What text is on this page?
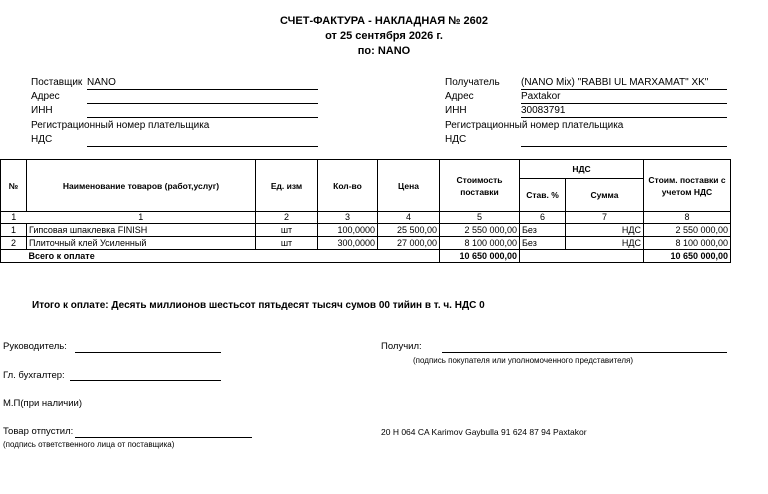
СЧЕТ-ФАКТУРА - НАКЛАДНАЯ № 2602
от 25 сентября 2026 г.
по: NANO
Поставщик NANO
Адрес
ИНН
Регистрационный номер плательщика
НДС
Получатель (NANO Mix) "RABBI UL MARXAMAT" XK"
Адрес	Paxtakor
ИНН	30083791
Регистрационный номер плательщика
НДС
№	Наименование товаров (работ,услуг)	Ед. изм	Кол-во	Цена	Стоимость поставки	НДС		Стоим. поставки с учетом НДС
						Став. %	Сумма	
1	1	2	3	4	5	6	7	8
1	Гипсовая шпаклевка FINISH	шт	100,0000	25 500,00	2 550 000,00	Без	НДС	2 550 000,00
2	Плиточный клей Усиленный	шт	300,0000	27 000,00	8 100 000,00	Без	НДС	8 100 000,00
	Всего к оплате				10 650 000,00			10 650 000,00
Итого к оплате: Десять миллионов шестьсот пятьдесят тысяч сумов 00 тийин в т. ч. НДС 0
Руководитель:
Гл. бухгалтер:
М.П(при наличии)
Товар отпустил:
(подпись ответственного лица от поставщика)
Получил:
(подпись покупателя или уполномоченного представителя)
20 H 064 CA Karimov Gaybulla 91 624 87 94 Paxtakor
